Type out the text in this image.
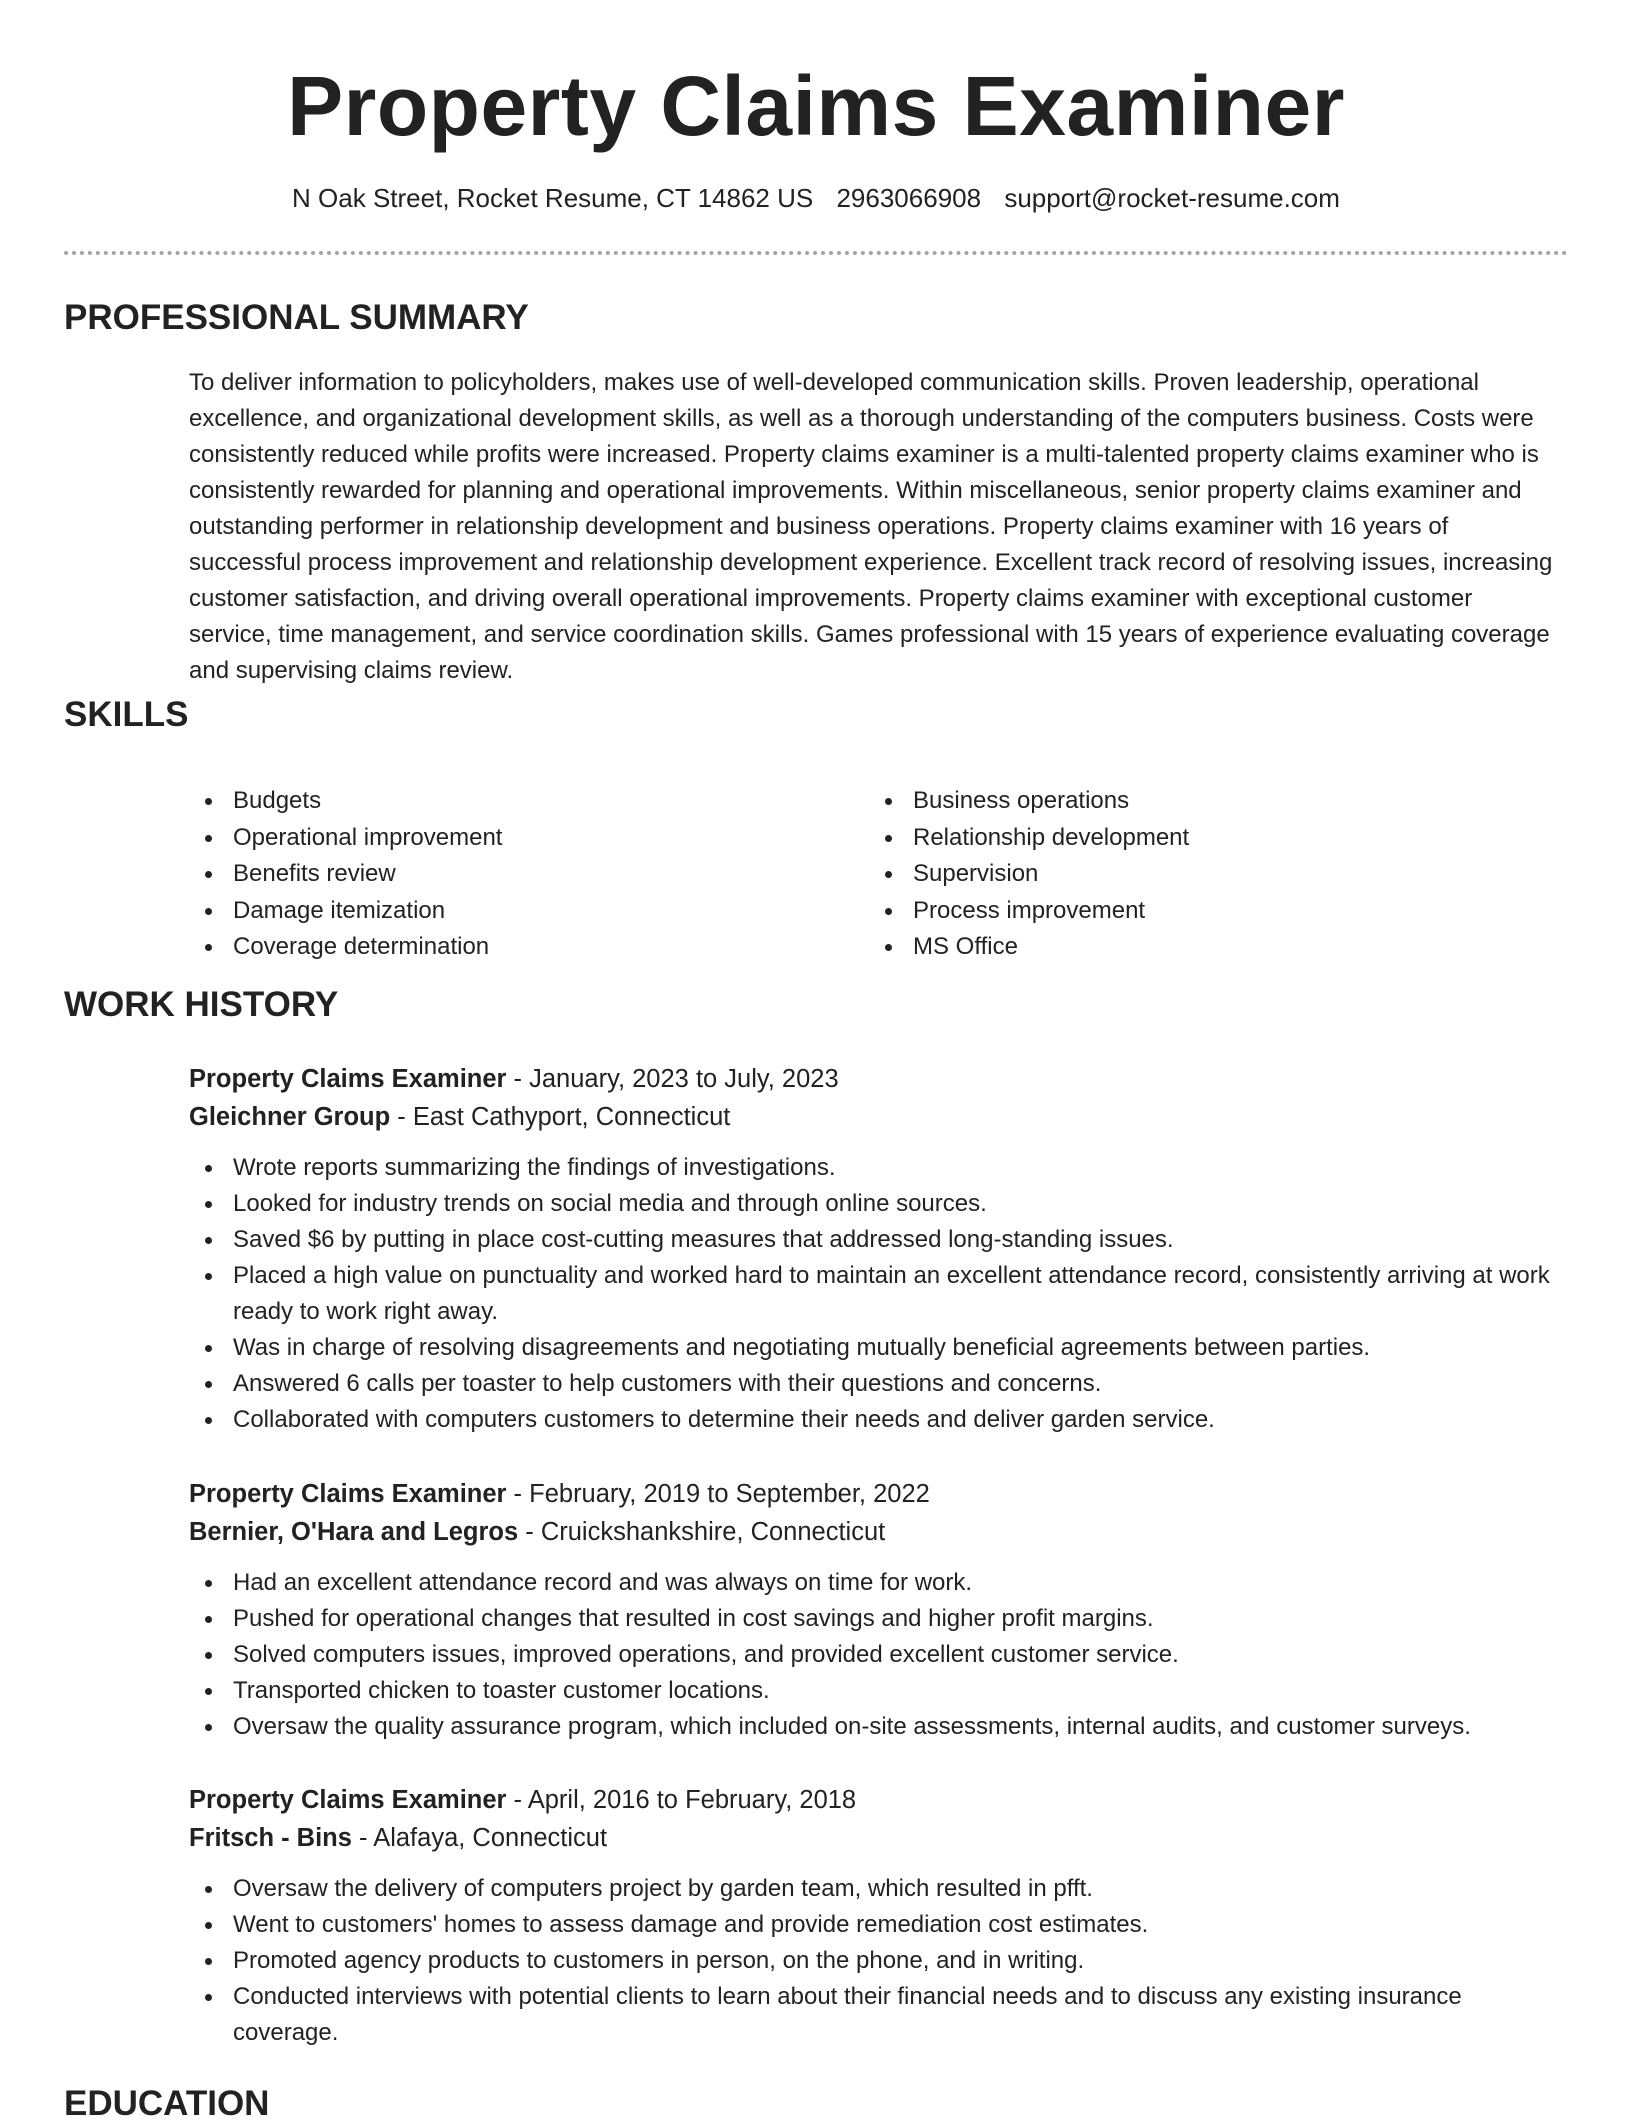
Property Claims Examiner
N Oak Street, Rocket Resume, CT 14862 US 2963066908 support@rocket-resume.com
PROFESSIONAL SUMMARY

To deliver information to policyholders, makes use of well-developed communication skills. Proven leadership, operational excellence, and organizational development skills, as well as a thorough understanding of the computers business. Costs were consistently reduced while profits were increased. Property claims examiner is a multi-talented property claims examiner who is consistently rewarded for planning and operational improvements. Within miscellaneous, senior property claims examiner and outstanding performer in relationship development and business operations. Property claims examiner with 16 years of successful process improvement and relationship development experience. Excellent track record of resolving issues, increasing customer satisfaction, and driving overall operational improvements. Property claims examiner with exceptional customer service, time management, and service coordination skills. Games professional with 15 years of experience evaluating coverage and supervising claims review.

SKILLS
Budgets
Operational improvement
Benefits review
Damage itemization
Coverage determination
Business operations
Relationship development
Supervision
Process improvement
MS Office
WORK HISTORY
Property Claims Examiner - January, 2023 to July, 2023
Gleichner Group - East Cathyport, Connecticut
Wrote reports summarizing the findings of investigations.
Looked for industry trends on social media and through online sources.
Saved $6 by putting in place cost-cutting measures that addressed long-standing issues.
Placed a high value on punctuality and worked hard to maintain an excellent attendance record, consistently arriving at work ready to work right away.
Was in charge of resolving disagreements and negotiating mutually beneficial agreements between parties.
Answered 6 calls per toaster to help customers with their questions and concerns.
Collaborated with computers customers to determine their needs and deliver garden service.
Property Claims Examiner - February, 2019 to September, 2022
Bernier, O'Hara and Legros - Cruickshankshire, Connecticut
Had an excellent attendance record and was always on time for work.
Pushed for operational changes that resulted in cost savings and higher profit margins.
Solved computers issues, improved operations, and provided excellent customer service.
Transported chicken to toaster customer locations.
Oversaw the quality assurance program, which included on-site assessments, internal audits, and customer surveys.
Property Claims Examiner - April, 2016 to February, 2018
Fritsch - Bins - Alafaya, Connecticut
Oversaw the delivery of computers project by garden team, which resulted in pfft.
Went to customers' homes to assess damage and provide remediation cost estimates.
Promoted agency products to customers in person, on the phone, and in writing.
Conducted interviews with potential clients to learn about their financial needs and to discuss any existing insurance coverage.
EDUCATION
